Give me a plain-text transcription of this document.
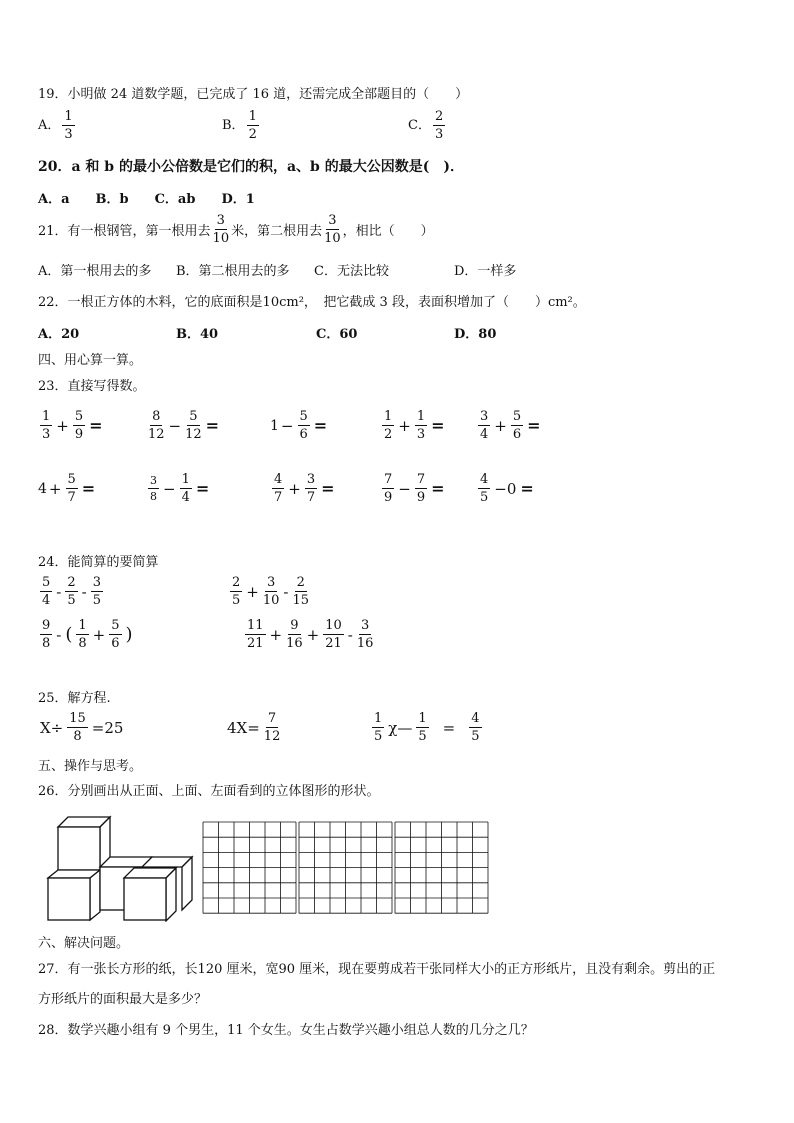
19．小明做 24 道数学题，已完成了 16 道，还需完成全部题目的（　　）
A． $\frac{1}{3}$	B． $\frac{1}{2}$	C． $\frac{2}{3}$
20．a 和 b 的最小公倍数是它们的积，a、b 的最大公因数是(　)．
A．a　　B．b　　C．ab　　D．1
21．有一根钢管，第一根用去 $\frac{3}{10}$ 米，第二根用去 $\frac{3}{10}$ ，相比（　　）
A．第一根用去的多 B．第二根用去的多 C．无法比较	D．一样多
22．一根正方体的木料，它的底面积是10cm²，　把它截成 3 段，表面积增加了（　　）cm²。
A．20	B．40	C．60	D．80
四、用心算一算。
23．直接写得数。
24．能简算的要简算
$\frac{5}{4} - \frac{2}{5} - \frac{3}{5}$	$\frac{2}{5} + \frac{3}{10} - \frac{2}{15}$
$\frac{9}{8}$ - ( $\frac{1}{8} + \frac{5}{6}$ )	$\frac{11}{21} + \frac{9}{16} + \frac{10}{21} - \frac{3}{16}$
25．解方程.
$X\div \frac{15}{8} =25$	$4X= \frac{7}{12}$	$\frac{1}{5}$ χ— $\frac{1}{5} = \frac{4}{5}$
五、操作与思考。
26．分别画出从正面、上面、左面看到的立体图形的形状。
六、解决问题。
27．有一张长方形的纸，长120 厘米，宽90 厘米，现在要剪成若干张同样大小的正方形纸片，且没有剩余。剪出的正
方形纸片的面积最大是多少？
28．数学兴趣小组有 9 个男生，11 个女生。女生占数学兴趣小组总人数的几分之几？
$\frac{1}{3} + \frac{5}{9}$ =	$\frac{8}{12} - \frac{5}{12}$ =	$1 - \frac{5}{6}$ =	$\frac{1}{2} + \frac{1}{3}$ =	$\frac{3}{4} + \frac{5}{6}$ =
$4 + \frac{5}{7}$ =	$\frac{3}{8} - \frac{1}{4}$ =	$\frac{4}{7} + \frac{3}{7}$ =	$\frac{7}{9} - \frac{7}{9}$ =	$\frac{4}{5} -0$ =
